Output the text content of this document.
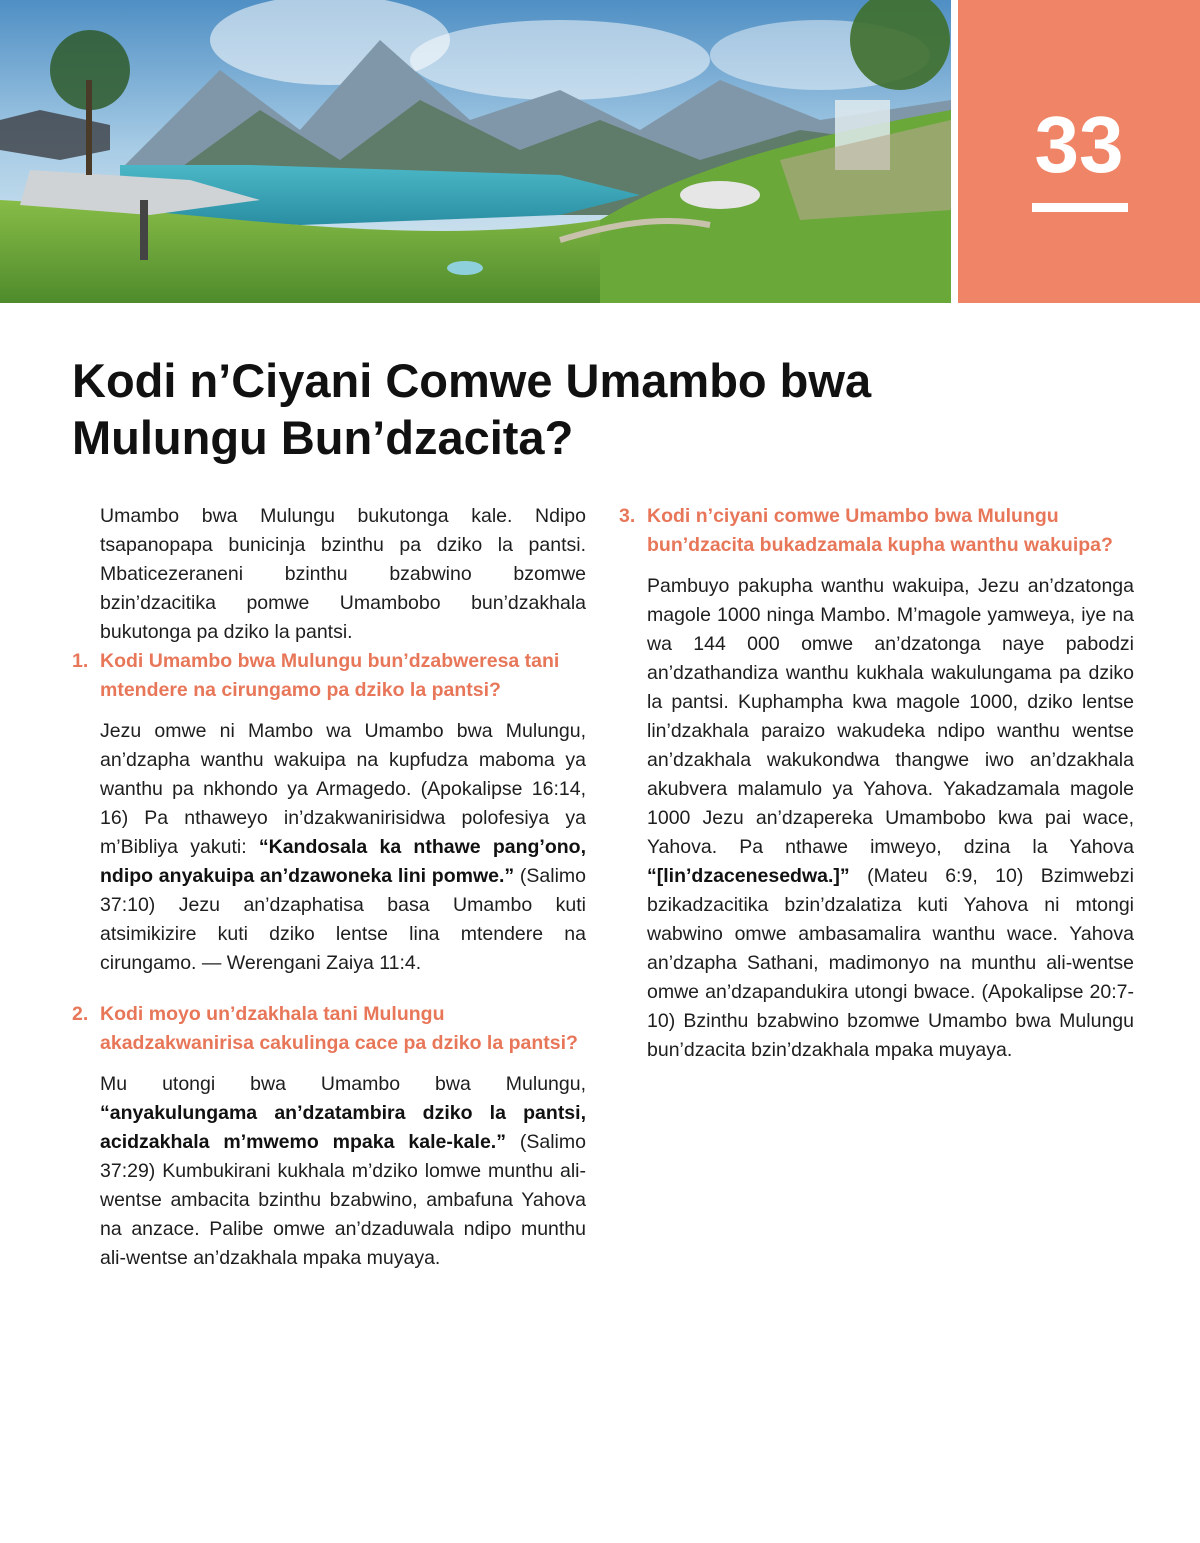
33
Kodi n’Ciyani Comwe Umambo bwa Mulungu Bun’dzacita?

Umambo bwa Mulungu bukutonga kale. Ndipo tsapanopapa bunicinja bzinthu pa dziko la pantsi. Mbaticezeraneni bzinthu bzabwino bzomwe bzin’dzacitika pomwe Umambobo bun’dzakhala bukutonga pa dziko la pantsi.

1. Kodi Umambo bwa Mulungu bun’dzabweresa tani mtendere na cirungamo pa dziko la pantsi?

Jezu omwe ni Mambo wa Umambo bwa Mulungu, an’dzapha wanthu wakuipa na kupfudza maboma ya wanthu pa nkhondo ya Armagedo. (Apokalipse 16:14, 16) Pa nthaweyo in’dzakwanirisidwa polofesiya ya m’Bibliya yakuti: “Kandosala ka nthawe pang’ono, ndipo anyakuipa an’dzawoneka lini pomwe.” (Salimo 37:10) Jezu an’dzaphatisa basa Umambo kuti atsimikizire kuti dziko lentse lina mtendere na cirungamo. — Werengani Zaiya 11:4.

2. Kodi moyo un’dzakhala tani Mulungu akadzakwanirisa cakulinga cace pa dziko la pantsi?

Mu utongi bwa Umambo bwa Mulungu, “anyakulungama an’dzatambira dziko la pantsi, acidzakhala m’mwemo mpaka kale-kale.” (Salimo 37:29) Kumbukirani kukhala m’dziko lomwe munthu ali-wentse ambacita bzinthu bzabwino, ambafuna Yahova na anzace. Palibe omwe an’dzaduwala ndipo munthu ali-wentse an’dzakhala mpaka muyaya.

3. Kodi n’ciyani comwe Umambo bwa Mulungu bun’dzacita bukadzamala kupha wanthu wakuipa?

Pambuyo pakupha wanthu wakuipa, Jezu an’dzatonga magole 1000 ninga Mambo. M’magole yamweya, iye na wa 144 000 omwe an’dzatonga naye pabodzi an’dzathandiza wanthu kukhala wakulungama pa dziko la pantsi. Kuphampha kwa magole 1000, dziko lentse lin’dzakhala paraizo wakudeka ndipo wanthu wentse an’dzakhala wakukondwa thangwe iwo an’dzakhala akubvera malamulo ya Yahova. Yakadzamala magole 1000 Jezu an’dzapereka Umambobo kwa pai wace, Yahova. Pa nthawe imweyo, dzina la Yahova “[lin’dzacenesedwa.]” (Mateu 6:9, 10) Bzimwebzi bzikadzacitika bzin’dzalatiza kuti Yahova ni mtongi wabwino omwe ambasamalira wanthu wace. Yahova an’dzapha Sathani, madimonyo na munthu ali-wentse omwe an’dzapandukira utongi bwace. (Apokalipse 20:7-10) Bzinthu bzabwino bzomwe Umambo bwa Mulungu bun’dzacita bzin’dzakhala mpaka muyaya.
